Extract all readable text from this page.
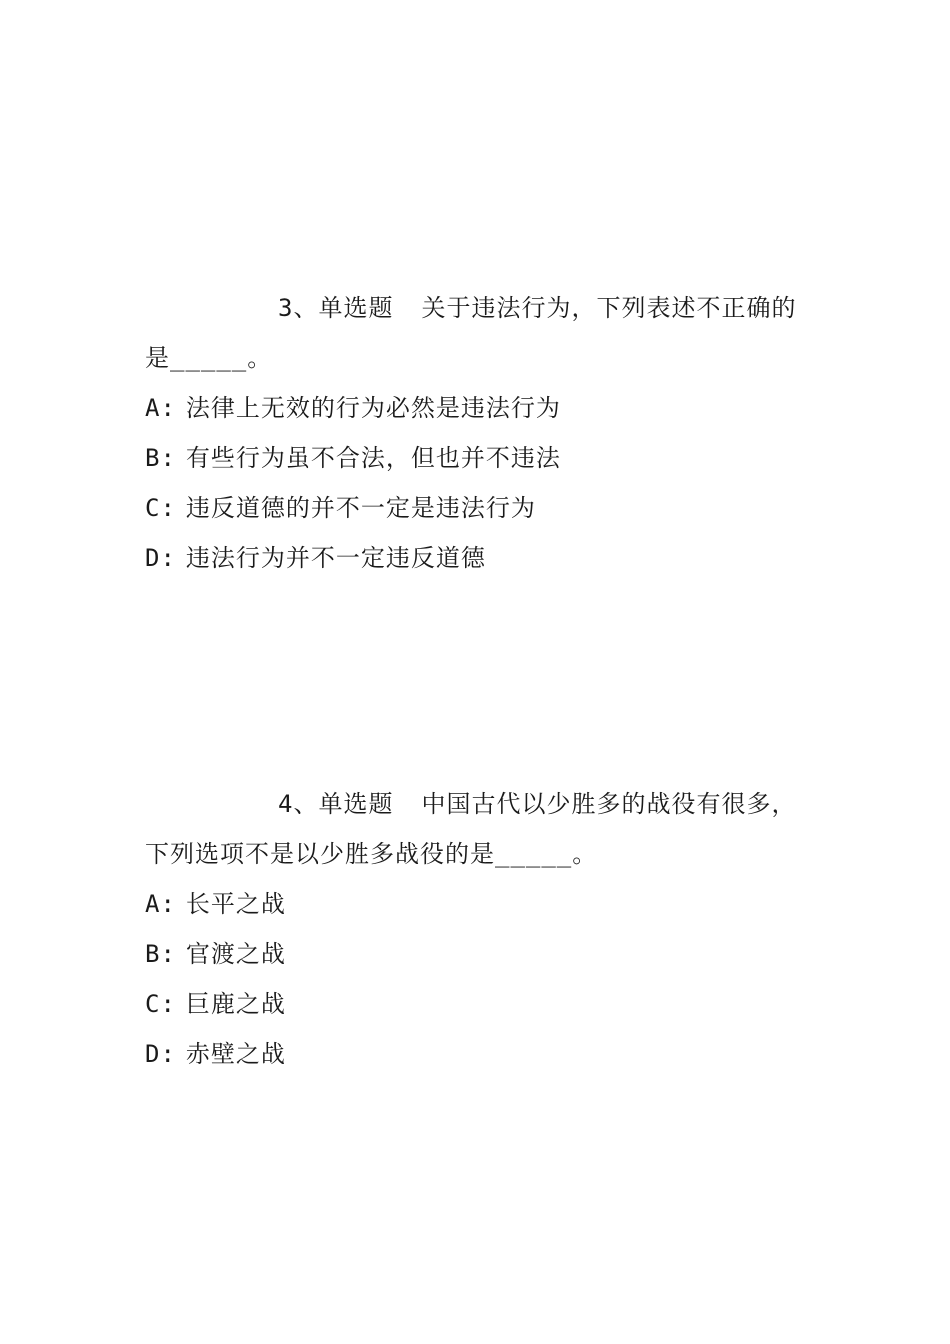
3、单选题 关于违法行为，下列表述不正确的
是_____。
A: 法律上无效的行为必然是违法行为
B: 有些行为虽不合法，但也并不违法
C: 违反道德的并不一定是违法行为
D: 违法行为并不一定违反道德
4、单选题 中国古代以少胜多的战役有很多，
下列选项不是以少胜多战役的是_____。
A: 长平之战
B: 官渡之战
C: 巨鹿之战
D: 赤壁之战
